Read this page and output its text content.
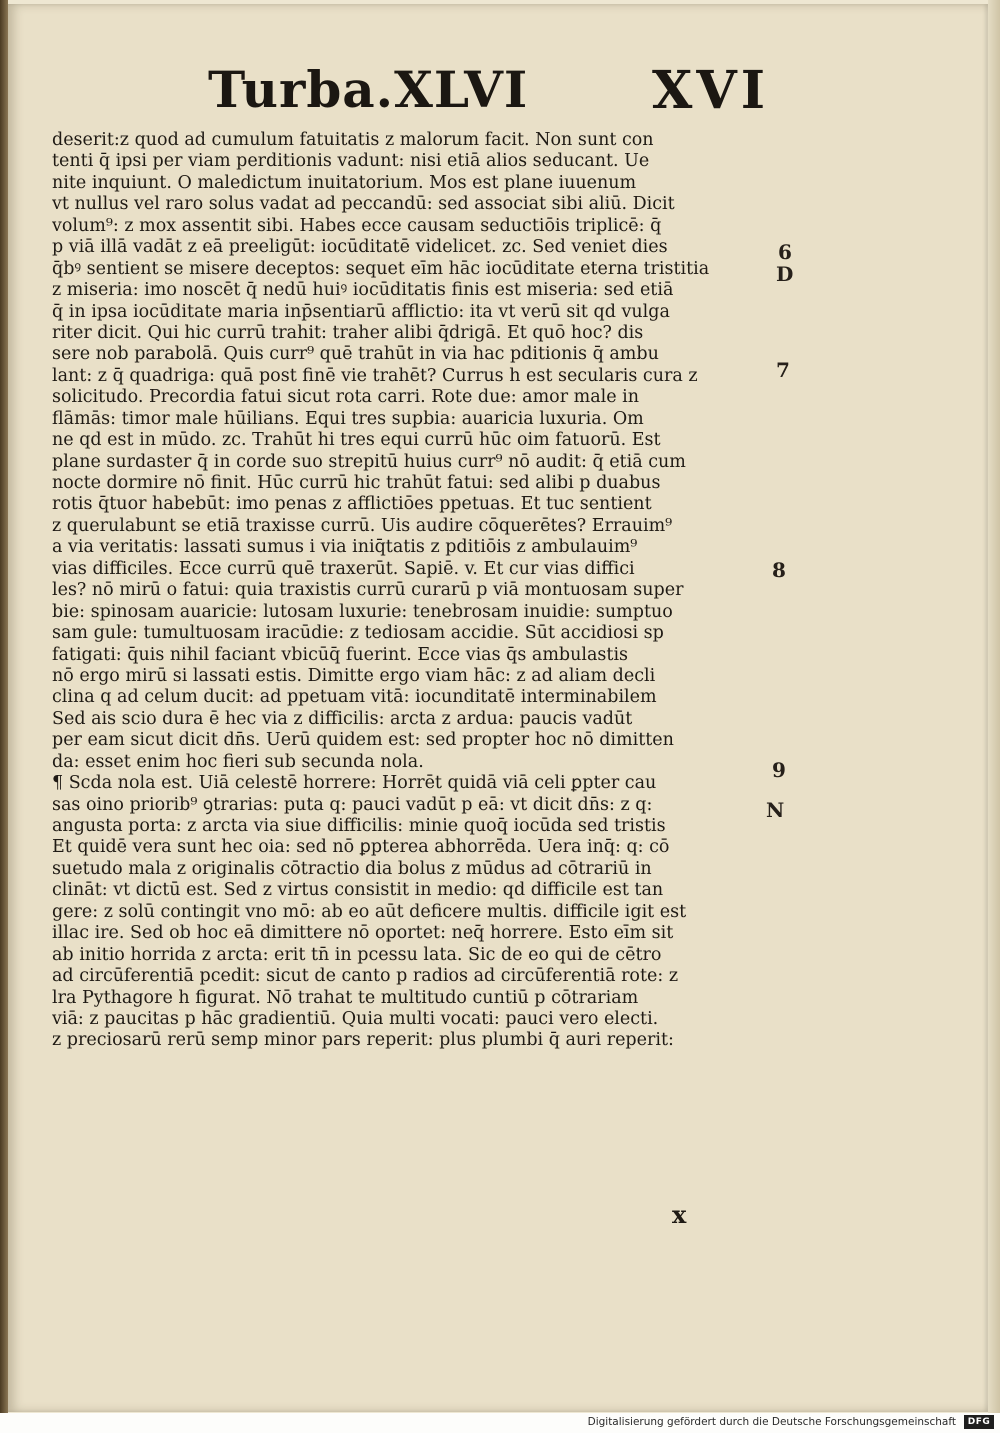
Turba.XLVI XVI
deserit:z quod ad cumulum fatuitatis z malorum facit. Non sunt con
tenti q̄ ipsi per viam perditionis vadunt: nisi etiā alios seducant. Ue
nite inquiunt. O maledictum inuitatorium. Mos est plane iuuenum
vt nullus vel raro solus vadat ad peccandū: sed associat sibi aliū. Dicit
volum⁹: z mox assentit sibi. Habes ecce causam seductiōis triplicē: q̄
p viā illā vadāt z eā preeligūt: iocūditatē videlicet. zc. Sed veniet dies
q̄bꝰ sentient se misere deceptos: sequet eīm hāc iocūditate eterna tristitia
z miseria: imo noscēt q̄ nedū huiꝰ iocūditatis finis est miseria: sed etiā
q̄ in ipsa iocūditate maria inp̄sentiarū afflictio: ita vt verū sit qd vulga
riter dicit. Qui hic currū trahit: traher alibi q̄drigā. Et quō hoc? dis
sere nob parabolā. Quis curr⁹ quē trahūt in via hac pditionis q̄ ambu
lant: z q̄ quadriga: quā post finē vie trahēt? Currus h est secularis cura z
solicitudo. Precordia fatui sicut rota carri. Rote due: amor male in
flāmās: timor male hūilians. Equi tres supbia: auaricia luxuria. Om
ne qd est in mūdo. zc. Trahūt hi tres equi currū hūc oim fatuorū. Est
plane surdaster q̄ in corde suo strepitū huius curr⁹ nō audit: q̄ etiā cum
nocte dormire nō finit. Hūc currū hic trahūt fatui: sed alibi p duabus
rotis q̄tuor habebūt: imo penas z afflictiōes ppetuas. Et tuc sentient
z querulabunt se etiā traxisse currū. Uis audire cōquerētes? Errauim⁹
a via veritatis: lassati sumus i via iniq̄tatis z pditiōis z ambulauim⁹
vias difficiles. Ecce currū quē traxerūt. Sapiē. v. Et cur vias diffici
les? nō mirū o fatui: quia traxistis currū curarū p viā montuosam super
bie: spinosam auaricie: lutosam luxurie: tenebrosam inuidie: sumptuo
sam gule: tumultuosam iracūdie: z tediosam accidie. Sūt accidiosi sp
fatigati: q̄uis nihil faciant vbicūq̄ fuerint. Ecce vias q̄s ambulastis
nō ergo mirū si lassati estis. Dimitte ergo viam hāc: z ad aliam decli
clina q ad celum ducit: ad ppetuam vitā: iocunditatē interminabilem
Sed ais scio dura ē hec via z difficilis: arcta z ardua: paucis vadūt
per eam sicut dicit dn̄s. Uerū quidem est: sed propter hoc nō dimitten
da: esset enim hoc fieri sub secunda nola.
¶ Scd̄a nola est. Uiā celestē horrere: Horrēt quidā viā celi ꝑpter cau
sas oino priorib⁹ ꝯtrarias: puta q: pauci vadūt p eā: vt dicit dn̄s: z q:
angusta porta: z arcta via siue difficilis: minie quoq̄ iocūda sed tristis
Et quidē vera sunt hec oia: sed nō ꝑpterea abhorrēda. Uera inq̄: q: cō
suetudo mala z originalis cōtractio dia bolus z mūdus ad cōtrariū in
clināt: vt dictū est. Sed z virtus consistit in medio: qd difficile est tan
gere: z solū contingit vno mō: ab eo aūt deficere multis. difficile igit est
illac ire. Sed ob hoc eā dimittere nō oportet: neq̄ horrere. Esto eīm sit
ab initio horrida z arcta: erit tn̄ in pcessu lata. Sic de eo qui de cētro
ad circūferentiā pcedit: sicut de canto p radios ad circūferentiā rote: z
lra Pythagore h figurat. Nō trahat te multitudo cuntiū p cōtrariam
viā: z paucitas p hāc gradientiū. Quia multi vocati: pauci vero electi.
z preciosarū rerū semp minor pars reperit: plus plumbi q̄ auri reperit:
6
D
7
8
9
N
x
Digitalisierung gefördert durch die Deutsche Forschungsgemeinschaft	DFG
